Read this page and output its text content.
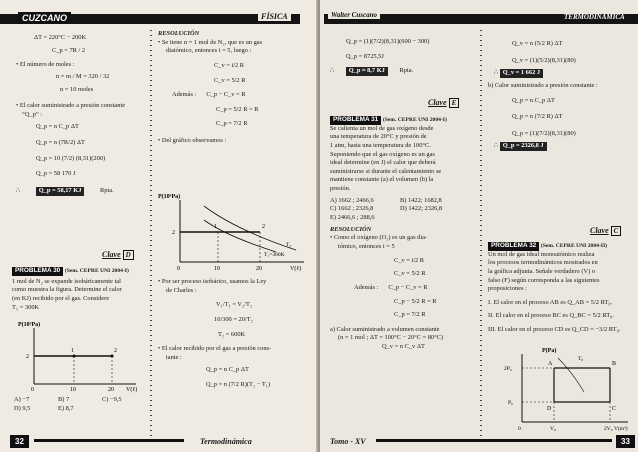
CUZCANO	FÍSICA
ΔT = 220°C − 200K
C_p = 7R / 2
• El número de moles :
n = m / M = 320 / 32
n = 10 moles
• El calor suministrado a presión constante
“Q_p” :
Q_p = n C_p ΔT
Q_p = n (7R/2) ΔT
Q_p = 10 (7/2) (8,31)(200)
Q_p = 58 170 J
∴	Q_p = 58,17 KJ	Rpta.
Clave D
PROBLEMA 30 (Sem. CEPRE UNI 2004-I)
1 mol de N₂ se expande isobáricamente tal
como muestra la figura. Determine el calor
(en KJ) recibido por el gas. Considere
T₁ = 300K
P(10⁵Pa)
1	2
2
0	10	20 V(ℓ)
A) −7	B) 7	C) −9,5
D) 9,5	E) 8,7
RESOLUCIÓN
• Se tiene n = 1 mol de N₂, que es un gas
diatómico, entonces i = 5, luego :
C_v = i/2 R
C_v = 5/2 R
Además : C_p − C_v = R
C_p = 5/2 R = R
C_p = 7/2 R
• Del gráfico observamos :
P(10⁵Pa)
1	2
T₂
T₁=300K
2
0	10	20	V(ℓ)
• Por ser proceso isobárico, usamos la Ley
de Charles :
V₁/T₁ = V₂/T₂
10/300 = 20/T₂
T₂ = 600K
• El calor recibido por el gas a presión cons-
tante :
Q_p = n C_p ΔT
Q_p = n (7/2 R)(T₂ − T₁)
32	Termodinámica
Walter Cuscano	TERMODINÁMICA
Q_p = (1)(7/2)(8,31)(600 − 300)
Q_p = 8725,5J
∴ Q_p ≈ 8,7 KJ Rpta.
Clave E
PROBLEMA 31 (Sem. CEPRE UNI 2004-I)
Se calienta un mol de gas oxígeno desde
una temperatura de 20°C y presión de
1 atm, hasta una temperatura de 100°C.
Suponiendo que el gas oxígeno es un gas
ideal determine (en J) el calor que deberá
suministrarse si durante el calentamiento se
mantiene constante (a) el volumen (b) la
presión.
A) 1662 ; 2466,6	B) 1422; 1682,8
C) 1662 ; 2326,8	D) 1422; 2326,8
E) 2466,6 ; 288,6
RESOLUCIÓN
• Como el oxígeno (O₂) es un gas dia-
tómico, entonces i = 5
C_v = i/2 R
C_v = 5/2 R
Además : C_p − C_v = R
C_p − 5/2 R = R
C_p = 7/2 R
a) Calor suministrado a volumen constante
(n = 1 mol ; ΔT = 100°C − 20°C = 80°C)
Q_v = n C_v ΔT
Q_v = n (5/2 R) ΔT
Q_v = (1)(5/2)(8,31)(80)
∴ Q_v = 1 662 J
b) Calor suministrado a presión constante :
Q_p = n C_p ΔT
Q_p = n (7/2 R) ΔT
Q_p = (1)(7/2)(8,31)(80)
∴ Q_p = 2326,8 J
Clave C
PROBLEMA 32 (Sem. CEPRE UNI 2004-II)
Un mol de gas ideal monoatómico realiza
los procesos termodinámicos mostrados en
la gráfica adjunta. Señale verdadero (V) o
falso (F) según corresponda a las siguientes
proposiciones :
I. El calor en el proceso AB es Q_AB = 5/2 RT₀.
II. El calor en el proceso BC es Q_BC = 5/2 RT₀.
III. El calor en el proceso CD es Q_CD = −3/2 RT₀.
P(Pa)
T₀
A	B
C
D
2P₀
P₀
0	V₀	2V₀ V(m³)
Tomo - XV	33
